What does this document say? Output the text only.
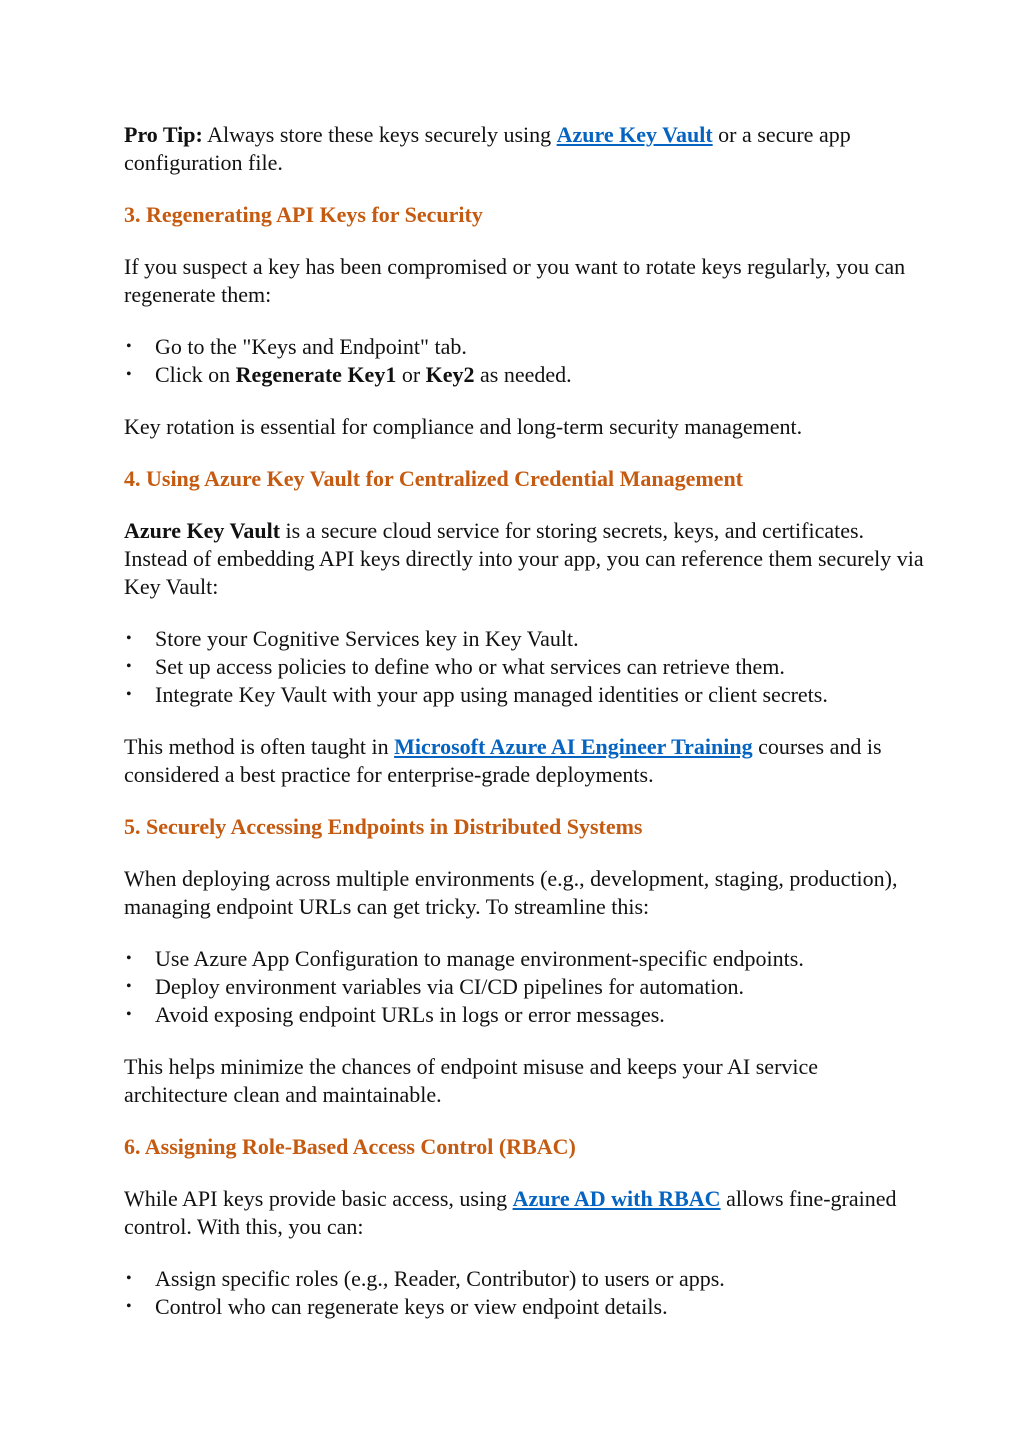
Pro Tip: Always store these keys securely using Azure Key Vault or a secure app configuration file.

3. Regenerating API Keys for Security

If you suspect a key has been compromised or you want to rotate keys regularly, you can regenerate them:

• Go to the "Keys and Endpoint" tab.
• Click on Regenerate Key1 or Key2 as needed.

Key rotation is essential for compliance and long-term security management.

4. Using Azure Key Vault for Centralized Credential Management

Azure Key Vault is a secure cloud service for storing secrets, keys, and certificates. Instead of embedding API keys directly into your app, you can reference them securely via Key Vault:

• Store your Cognitive Services key in Key Vault.
• Set up access policies to define who or what services can retrieve them.
• Integrate Key Vault with your app using managed identities or client secrets.

This method is often taught in Microsoft Azure AI Engineer Training courses and is considered a best practice for enterprise-grade deployments.

5. Securely Accessing Endpoints in Distributed Systems

When deploying across multiple environments (e.g., development, staging, production), managing endpoint URLs can get tricky. To streamline this:

• Use Azure App Configuration to manage environment-specific endpoints.
• Deploy environment variables via CI/CD pipelines for automation.
• Avoid exposing endpoint URLs in logs or error messages.

This helps minimize the chances of endpoint misuse and keeps your AI service architecture clean and maintainable.

6. Assigning Role-Based Access Control (RBAC)

While API keys provide basic access, using Azure AD with RBAC allows fine-grained control. With this, you can:

• Assign specific roles (e.g., Reader, Contributor) to users or apps.
• Control who can regenerate keys or view endpoint details.
